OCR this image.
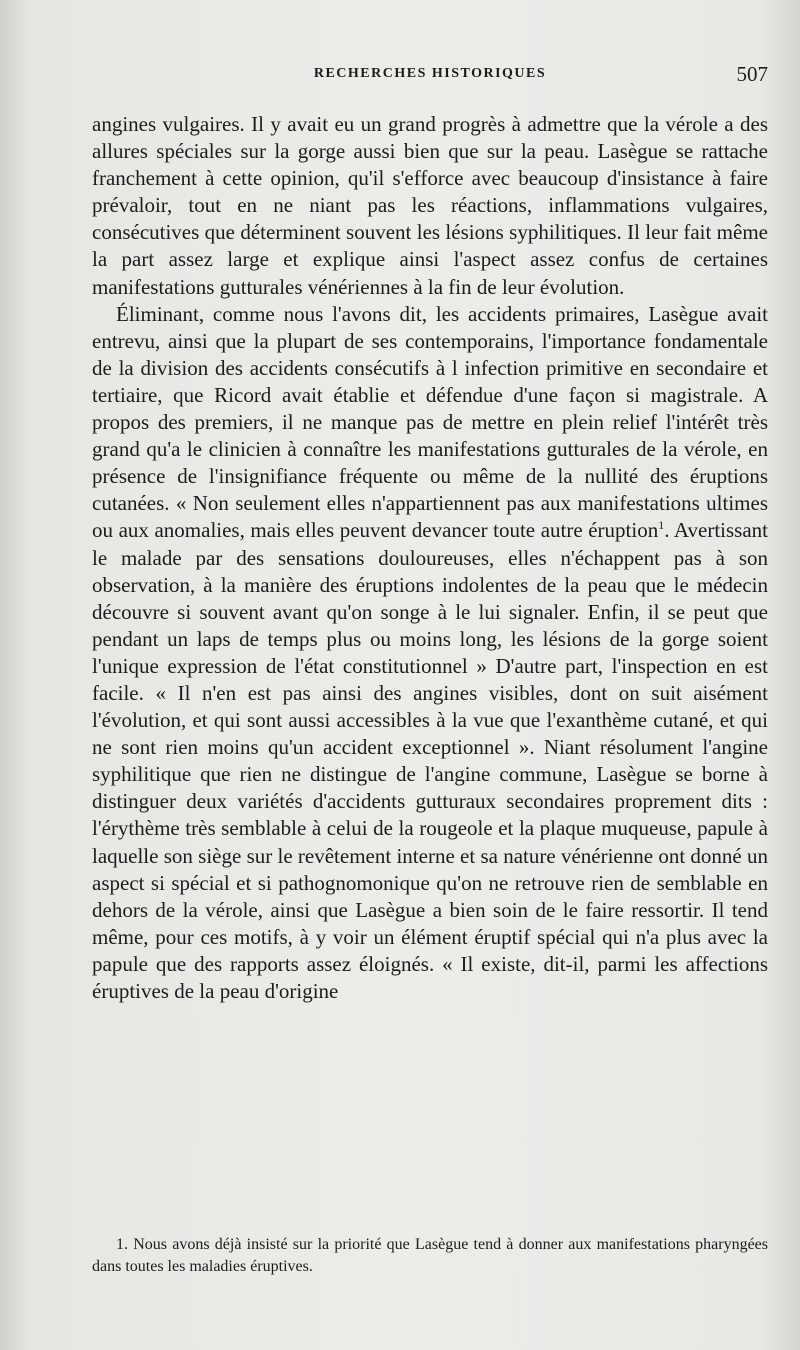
RECHERCHES HISTORIQUES	507

angines vulgaires. Il y avait eu un grand progrès à admettre que la vérole a des allures spéciales sur la gorge aussi bien que sur la peau. Lasègue se rattache franchement à cette opinion, qu'il s'efforce avec beaucoup d'insistance à faire prévaloir, tout en ne niant pas les réactions, inflammations vulgaires, consécutives que déterminent souvent les lésions syphilitiques. Il leur fait même la part assez large et explique ainsi l'aspect assez confus de certaines manifestations gutturales vénériennes à la fin de leur évolution.

Éliminant, comme nous l'avons dit, les accidents primaires, Lasègue avait entrevu, ainsi que la plupart de ses contemporains, l'importance fondamentale de la division des accidents consécutifs à l infection primitive en secondaire et tertiaire, que Ricord avait établie et défendue d'une façon si magistrale. A propos des premiers, il ne manque pas de mettre en plein relief l'intérêt très grand qu'a le clinicien à connaître les manifestations gutturales de la vérole, en présence de l'insignifiance fréquente ou même de la nullité des éruptions cutanées. « Non seulement elles n'appartiennent pas aux manifestations ultimes ou aux anomalies, mais elles peuvent devancer toute autre éruption$^1$. Avertissant le malade par des sensations douloureuses, elles n'échappent pas à son observation, à la manière des éruptions indolentes de la peau que le médecin découvre si souvent avant qu'on songe à le lui signaler. Enfin, il se peut que pendant un laps de temps plus ou moins long, les lésions de la gorge soient l'unique expression de l'état constitutionnel » D'autre part, l'inspection en est facile. « Il n'en est pas ainsi des angines visibles, dont on suit aisément l'évolution, et qui sont aussi accessibles à la vue que l'exanthème cutané, et qui ne sont rien moins qu'un accident exceptionnel ». Niant résolument l'angine syphilitique que rien ne distingue de l'angine commune, Lasègue se borne à distinguer deux variétés d'accidents gutturaux secondaires proprement dits : l'érythème très semblable à celui de la rougeole et la plaque muqueuse, papule à laquelle son siège sur le revêtement interne et sa nature vénérienne ont donné un aspect si spécial et si pathognomonique qu'on ne retrouve rien de semblable en dehors de la vérole, ainsi que Lasègue a bien soin de le faire ressortir. Il tend même, pour ces motifs, à y voir un élément éruptif spécial qui n'a plus avec la papule que des rapports assez éloignés. « Il existe, dit-il, parmi les affections éruptives de la peau d'origine

1. Nous avons déjà insisté sur la priorité que Lasègue tend à donner aux manifestations pharyngées dans toutes les maladies éruptives.
